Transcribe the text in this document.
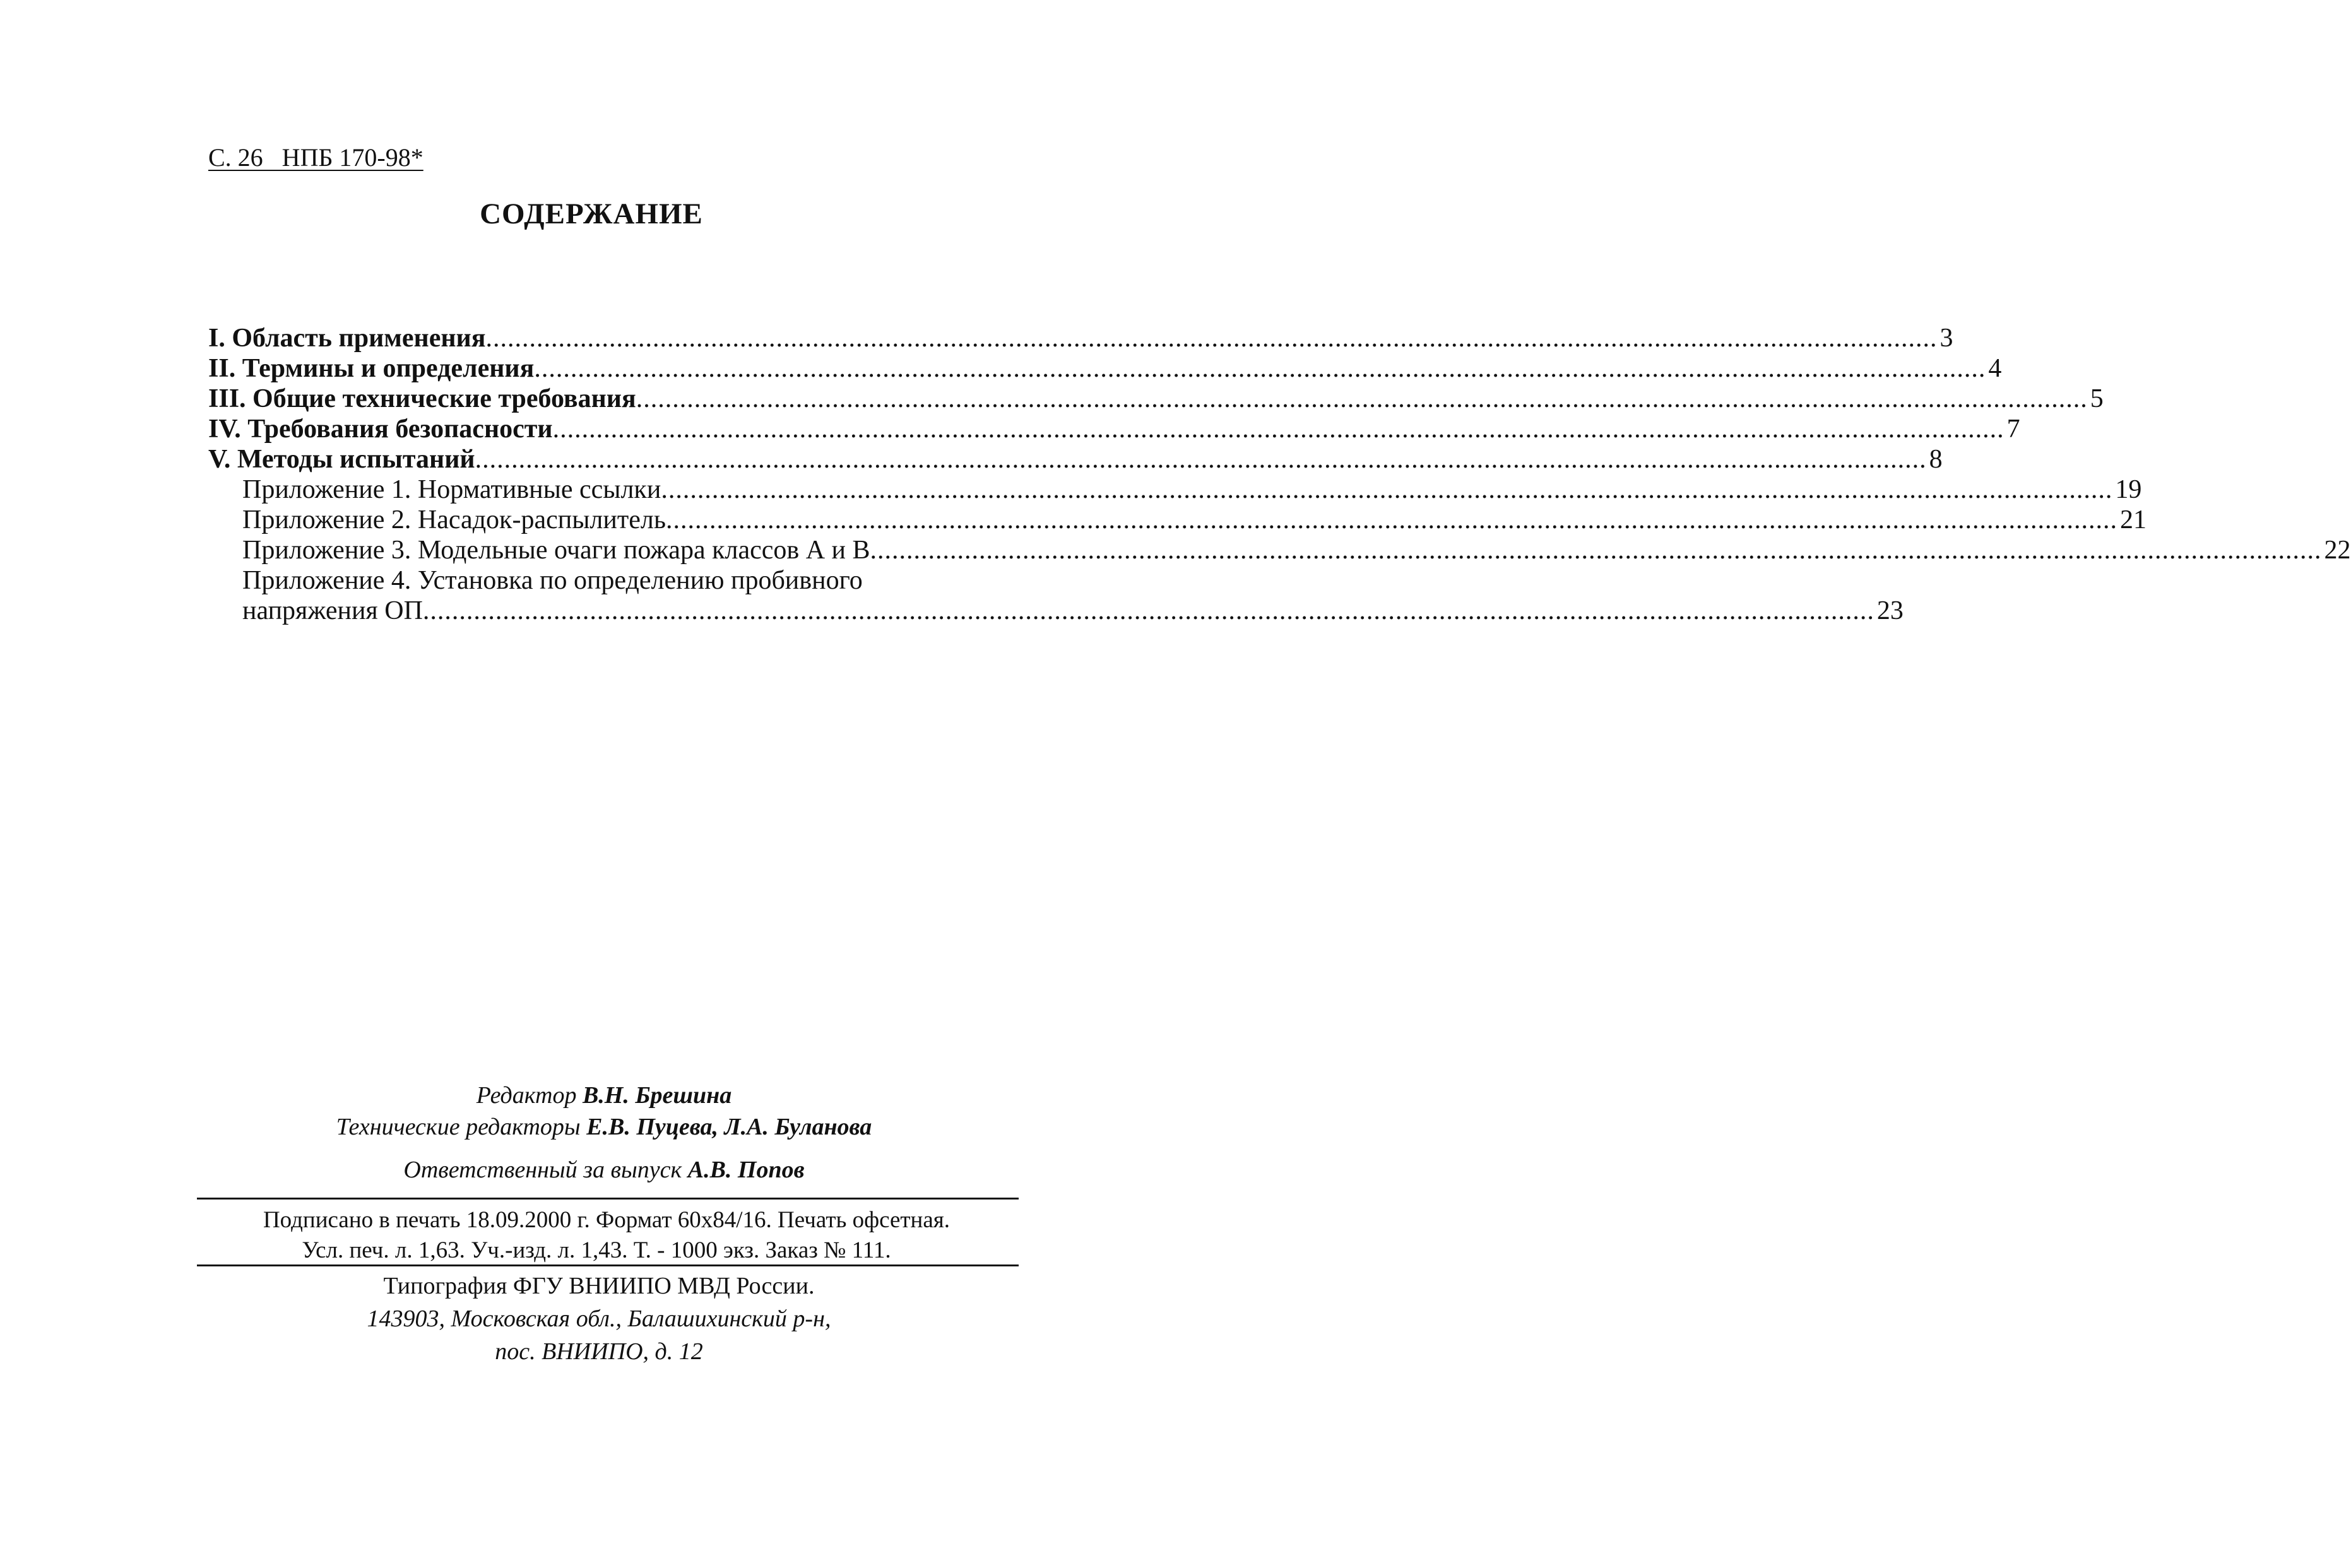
С. 26   НПБ 170-98*
СОДЕРЖАНИЕ
I. Область применения ........................................................................................................................................................................................................ 3
II. Термины и определения ........................................................................................................................................................................................................ 4
III. Общие технические требования ........................................................................................................................................................................................................ 5
IV. Требования безопасности ........................................................................................................................................................................................................ 7
V. Методы испытаний ........................................................................................................................................................................................................ 8
Приложение 1. Нормативные ссылки ........................................................................................................................................................................................................ 19
Приложение 2. Насадок-распылитель ........................................................................................................................................................................................................ 21
Приложение 3. Модельные очаги пожара классов А и В ........................................................................................................................................................................................................ 22
Приложение 4. Установка по определению пробивного
напряжения ОП ........................................................................................................................................................................................................ 23
Редактор В.Н. Брешина
Технические редакторы Е.В. Пуцева, Л.А. Буланова
Ответственный за выпуск А.В. Попов
Подписано в печать 18.09.2000 г. Формат 60x84/16. Печать офсетная.
Усл. печ. л. 1,63. Уч.-изд. л. 1,43. Т. - 1000 экз. Заказ № 111.
Типография ФГУ ВНИИПО МВД России.
143903, Московская обл., Балашихинский р-н,
пос. ВНИИПО, д. 12
